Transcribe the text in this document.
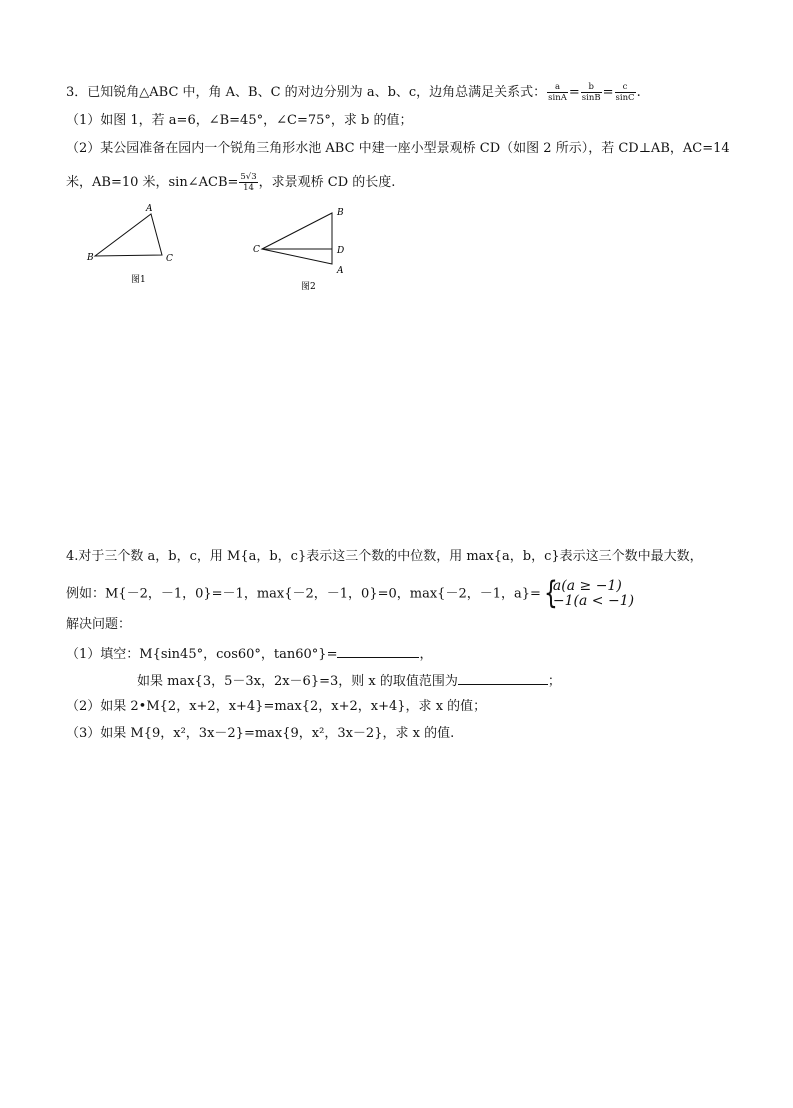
3．已知锐角△ABC 中，角 A、B、C 的对边分别为 a、b、c，边角总满足关系式： $\frac{a}{\sin A} = \frac{b}{\sin B} = \frac{c}{\sin C}$ .
（1）如图 1，若 a=6，∠B=45°，∠C=75°，求 b 的值；
（2）某公园准备在园内一个锐角三角形水池 ABC 中建一座小型景观桥 CD（如图 2 所示），若 CD⊥AB，AC=14
米，AB=10 米，sin∠ACB= $\frac{5√3}{14}$ ，求景观桥 CD 的长度.
A
B	C
图1
B
C	D
A
图2
4.对于三个数 a，b，c，用 M{a，b，c}表示这三个数的中位数，用 max{a，b，c}表示这三个数中最大数，
例如：M{－2，－1，0}=－1，max{－2，－1，0}=0，max{－2，－1，a}= {
a(a ≥ −1)
−1(a < −1)
解决问题：
（1）填空：M{sin45°，cos60°，tan60°}=	，
如果 max{3，5－3x，2x－6}=3，则 x 的取值范围为	；
（2）如果 2•M{2，x+2，x+4}=max{2，x+2，x+4}，求 x 的值；
（3）如果 M{9，x²，3x－2}=max{9，x²，3x－2}，求 x 的值.
